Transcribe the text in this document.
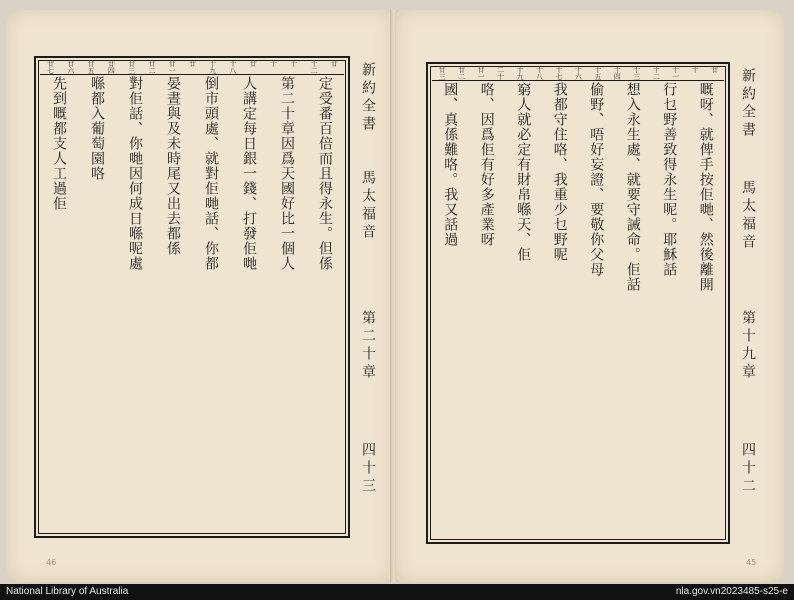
新約全書
馬太福音
第二十章
四十三
廿
十二
十
十
廿
十八
十九
廿
廿一
廿二
廿三
廿四
廿五
廿六
廿七
定受番百倍而且得永生。但係
第二十章因爲天國好比一個人
人講定每日銀一錢、打發佢哋
倒市頭處、就對佢哋話、你都
晏晝與及未時尾又出去都係
對佢話、你哋因何成日喺呢處
喺都入葡萄園咯
先到嘅都支人工過佢
46
新約全書
馬太福音
第十九章
四十二
廿
十
十一
十二
十三
十四
十五
十六
十七
十八
十九
二十
廿一
廿二
廿三
嘅呀、就俾手按佢哋、然後離開
行乜野善致得永生呢。耶穌話
想入永生處、就要守誡命。佢話
偷野、唔好妄證、要敬你父母
我都守住咯、我重少乜野呢
窮人就必定有財帛喺天、佢
咯、因爲佢有好多產業呀
國、真係難咯。我又話過
45
National Library of Australia	nla.gov.vn2023485-s25-e
